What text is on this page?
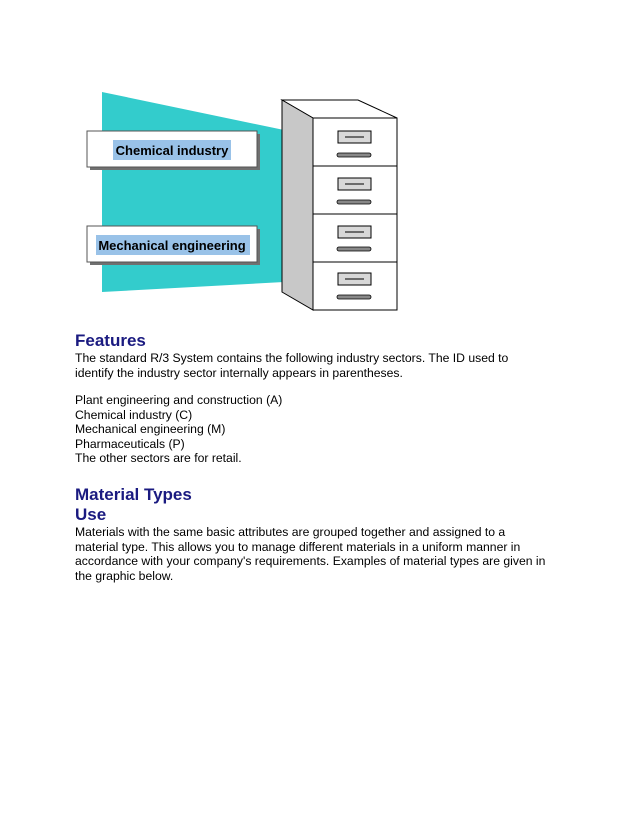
Chemical industry
Mechanical engineering
Features

The standard R/3 System contains the following industry sectors. The ID used to
identify the industry sector internally appears in parentheses.

Plant engineering and construction (A)
Chemical industry (C)
Mechanical engineering (M)
Pharmaceuticals (P)
The other sectors are for retail.
Material Types
Use

Materials with the same basic attributes are grouped together and assigned to a
material type. This allows you to manage different materials in a uniform manner in
accordance with your company's requirements. Examples of material types are given in
the graphic below.
